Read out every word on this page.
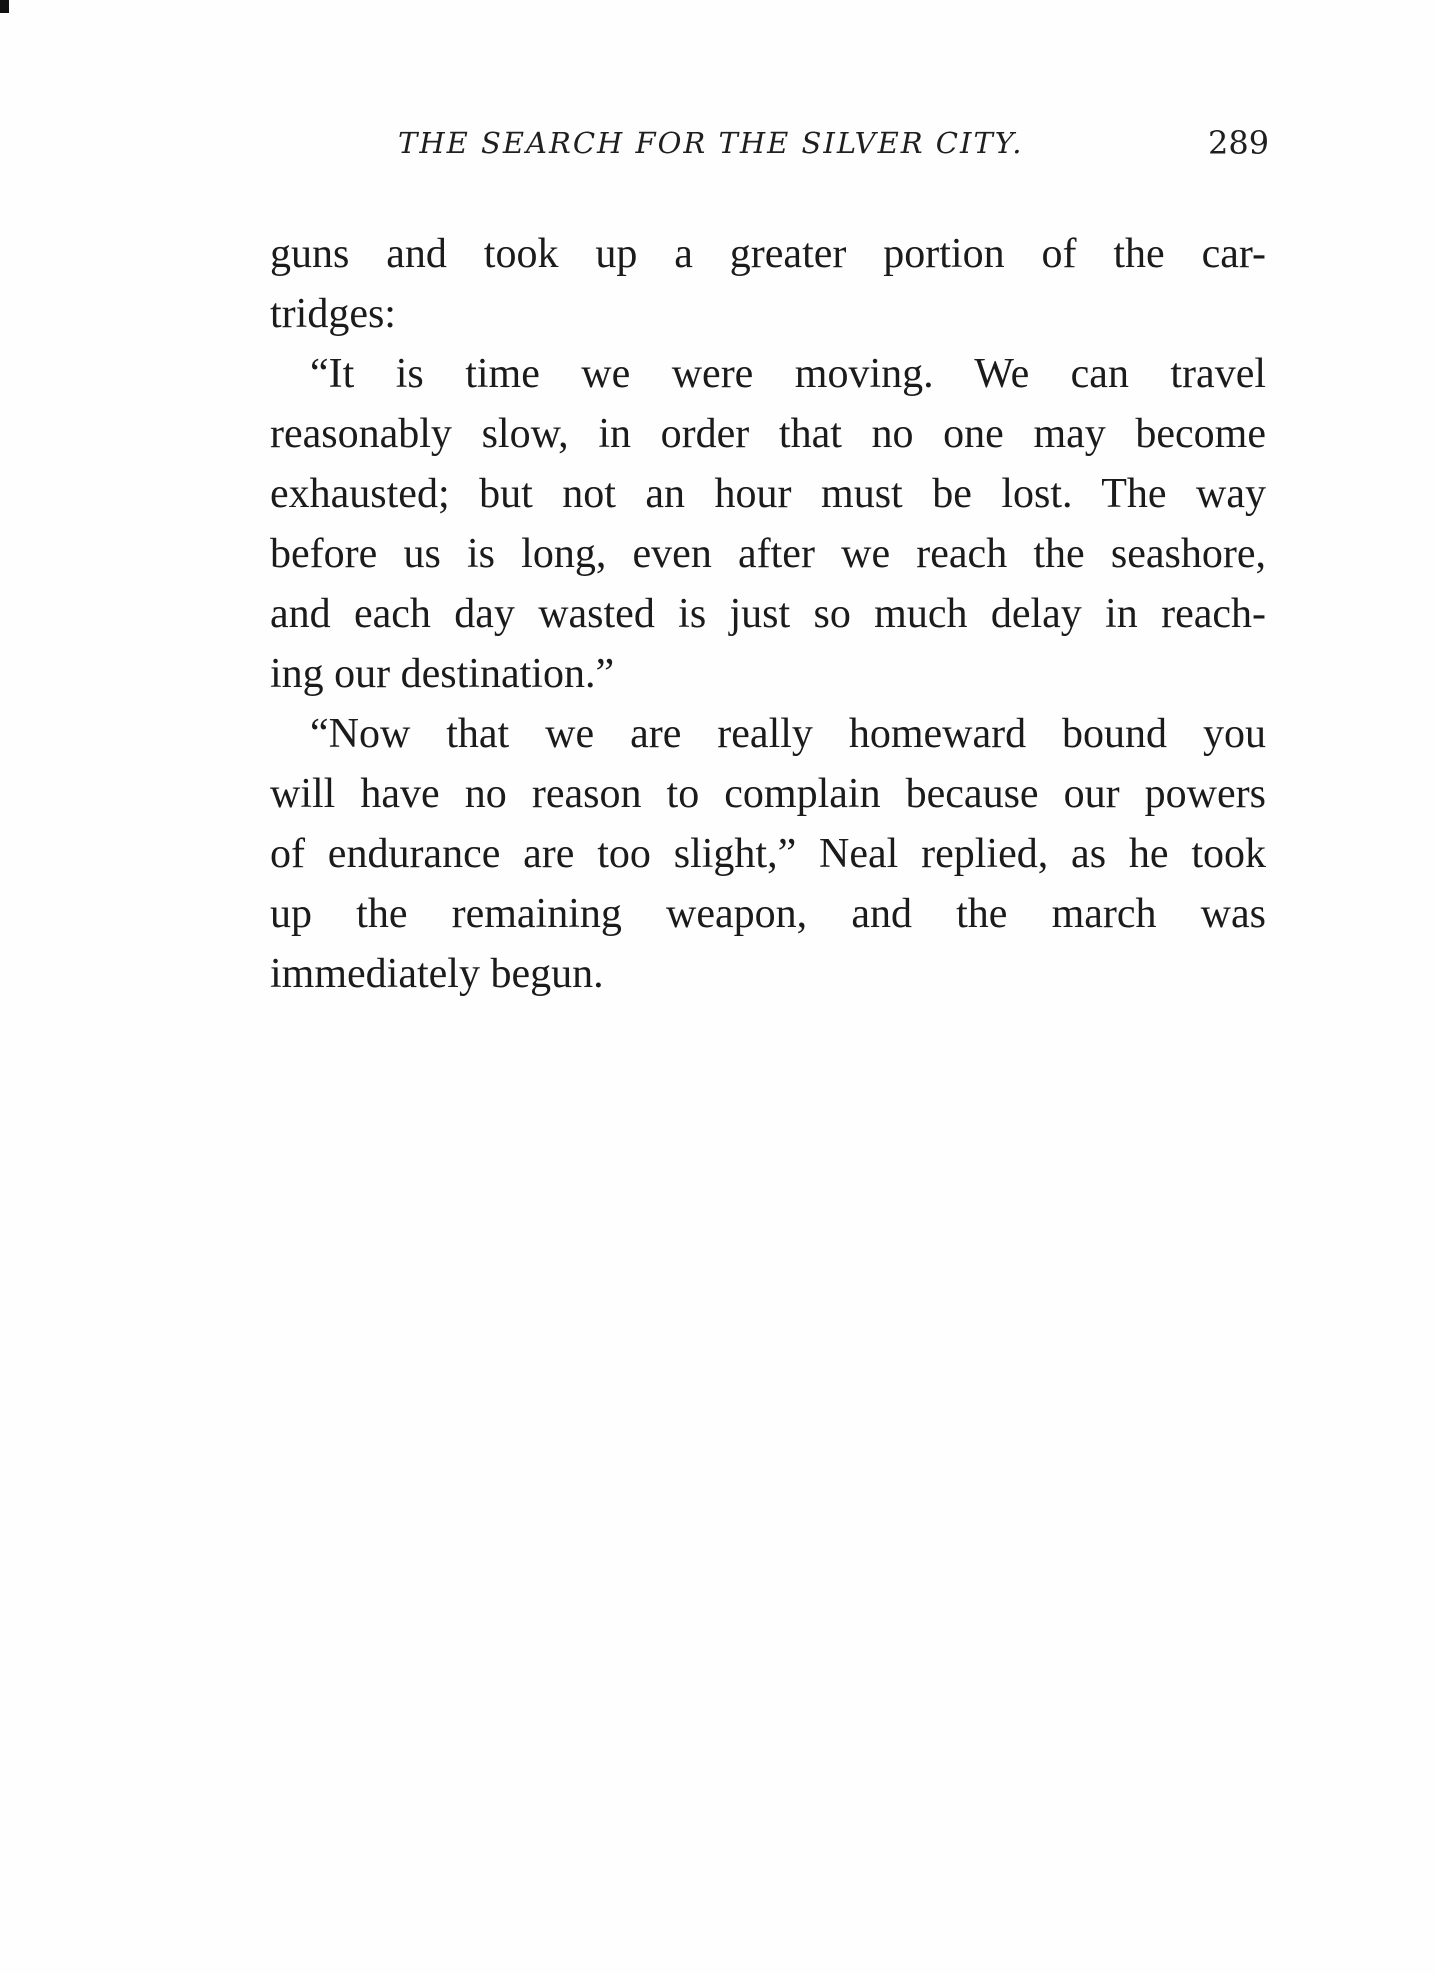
THE SEARCH FOR THE SILVER CITY.	289
guns and took up a greater portion of the car-
tridges:
“It is time we were moving. We can travel
reasonably slow, in order that no one may become
exhausted; but not an hour must be lost. The way
before us is long, even after we reach the seashore,
and each day wasted is just so much delay in reach-
ing our destination.”
“Now that we are really homeward bound you
will have no reason to complain because our powers
of endurance are too slight,” Neal replied, as he took
up the remaining weapon, and the march was
immediately begun.
